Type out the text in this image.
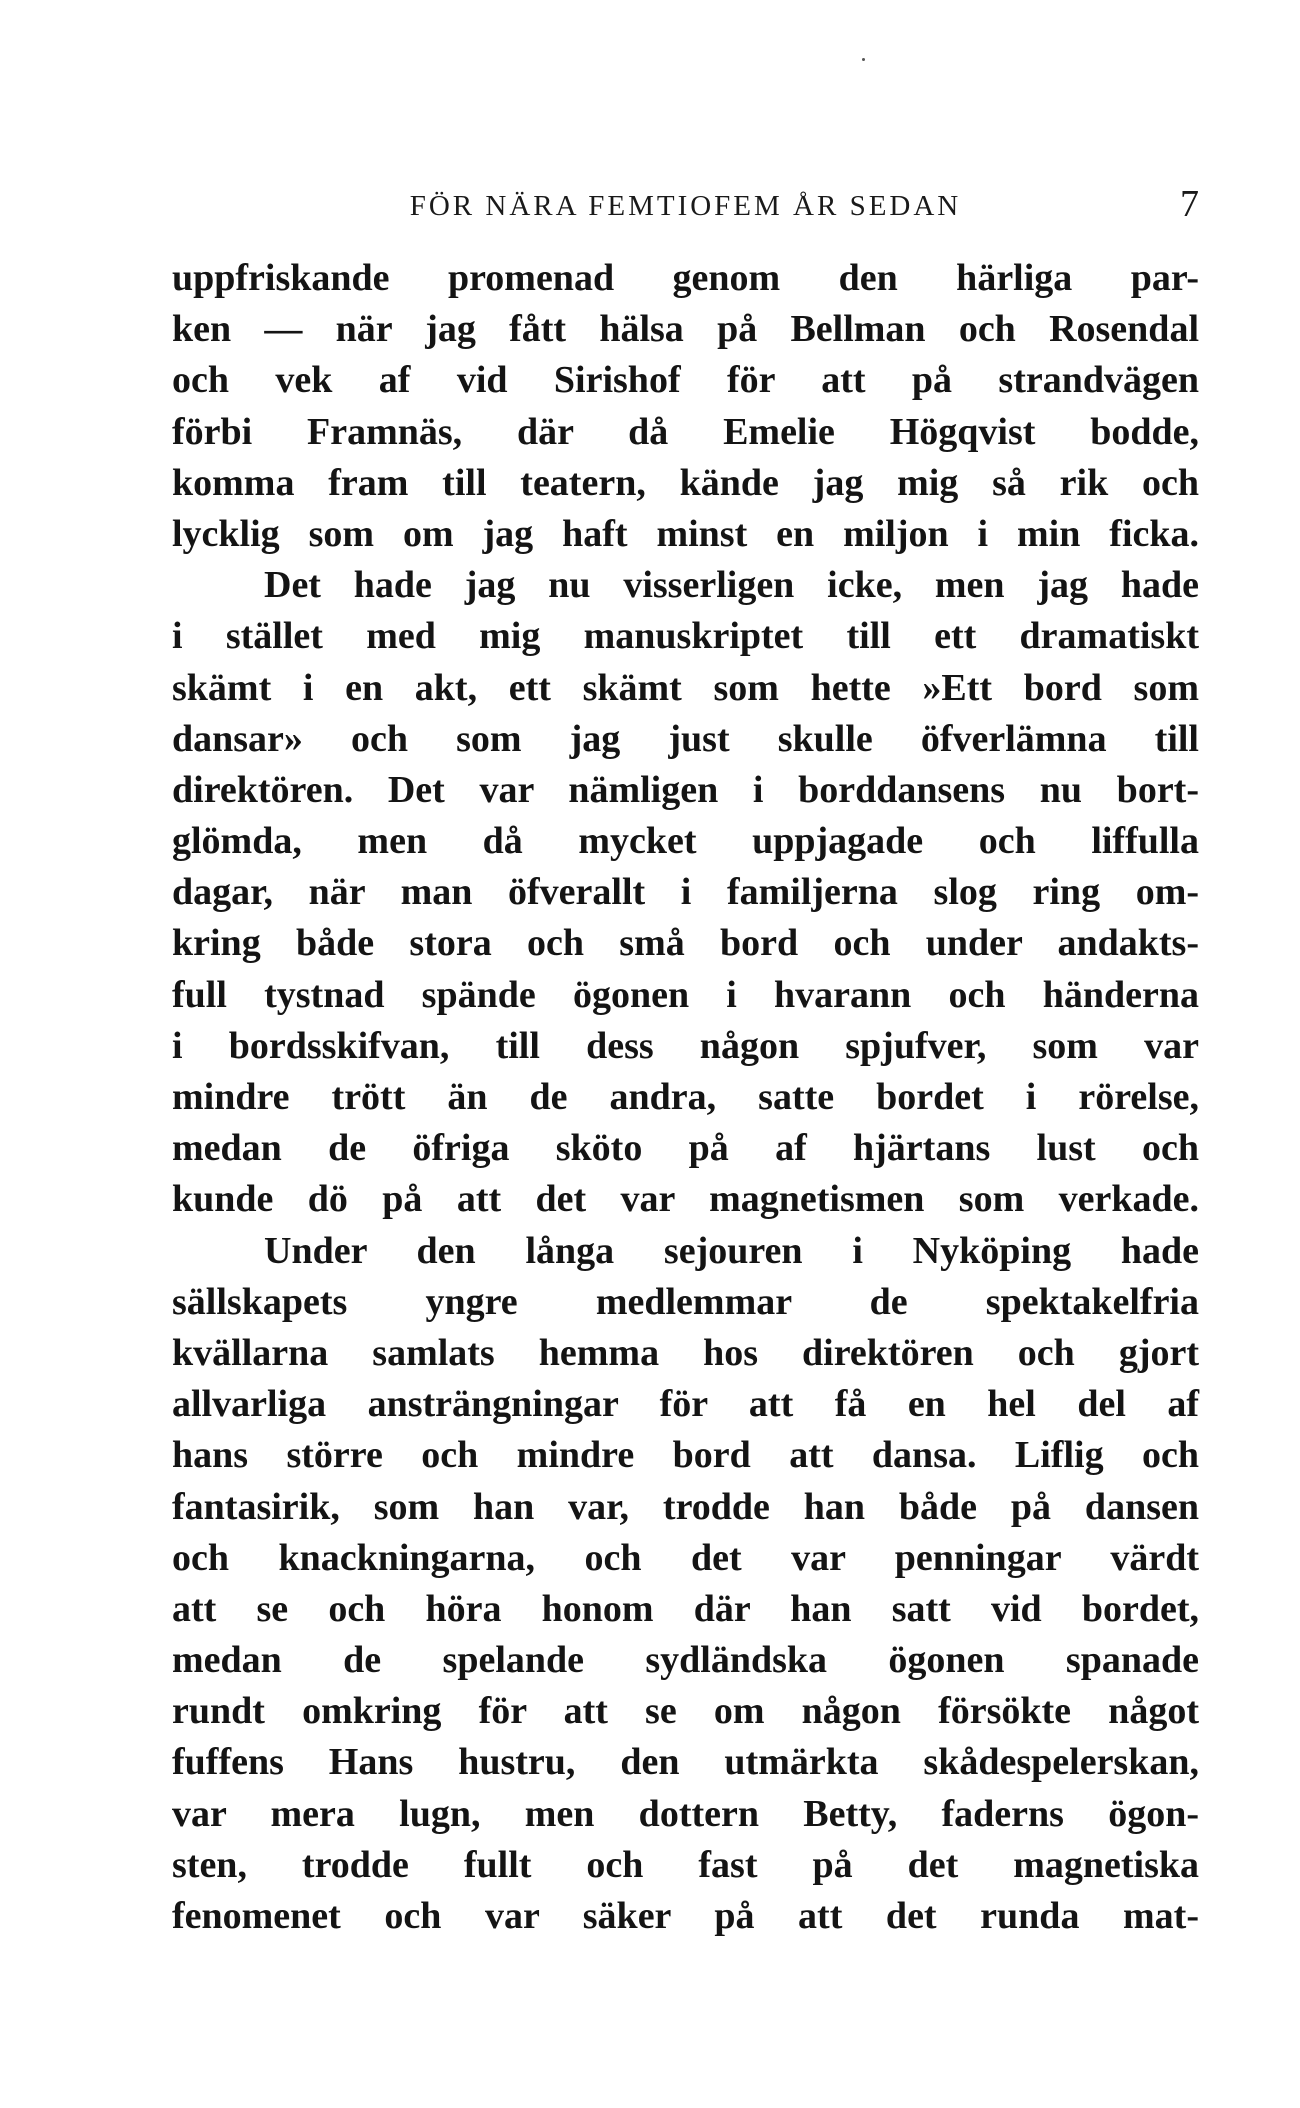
FÖR NÄRA FEMTIOFEM ÅR SEDAN	7
uppfriskande promenad genom den härliga par-
ken — när jag fått hälsa på Bellman och Rosendal
och vek af vid Sirishof för att på strandvägen
förbi Framnäs, där då Emelie Högqvist bodde,
komma fram till teatern, kände jag mig så rik och
lycklig som om jag haft minst en miljon i min ficka.
Det hade jag nu visserligen icke, men jag hade
i stället med mig manuskriptet till ett dramatiskt
skämt i en akt, ett skämt som hette »Ett bord som
dansar» och som jag just skulle öfverlämna till
direktören. Det var nämligen i borddansens nu bort-
glömda, men då mycket uppjagade och liffulla
dagar, när man öfverallt i familjerna slog ring om-
kring både stora och små bord och under andakts-
full tystnad spände ögonen i hvarann och händerna
i bordsskifvan, till dess någon spjufver, som var
mindre trött än de andra, satte bordet i rörelse,
medan de öfriga sköto på af hjärtans lust och
kunde dö på att det var magnetismen som verkade.
Under den långa sejouren i Nyköping hade
sällskapets yngre medlemmar de spektakelfria
kvällarna samlats hemma hos direktören och gjort
allvarliga ansträngningar för att få en hel del af
hans större och mindre bord att dansa. Liflig och
fantasirik, som han var, trodde han både på dansen
och knackningarna, och det var penningar värdt
att se och höra honom där han satt vid bordet,
medan de spelande sydländska ögonen spanade
rundt omkring för att se om någon försökte något
fuffens Hans hustru, den utmärkta skådespelerskan,
var mera lugn, men dottern Betty, faderns ögon-
sten, trodde fullt och fast på det magnetiska
fenomenet och var säker på att det runda mat-
